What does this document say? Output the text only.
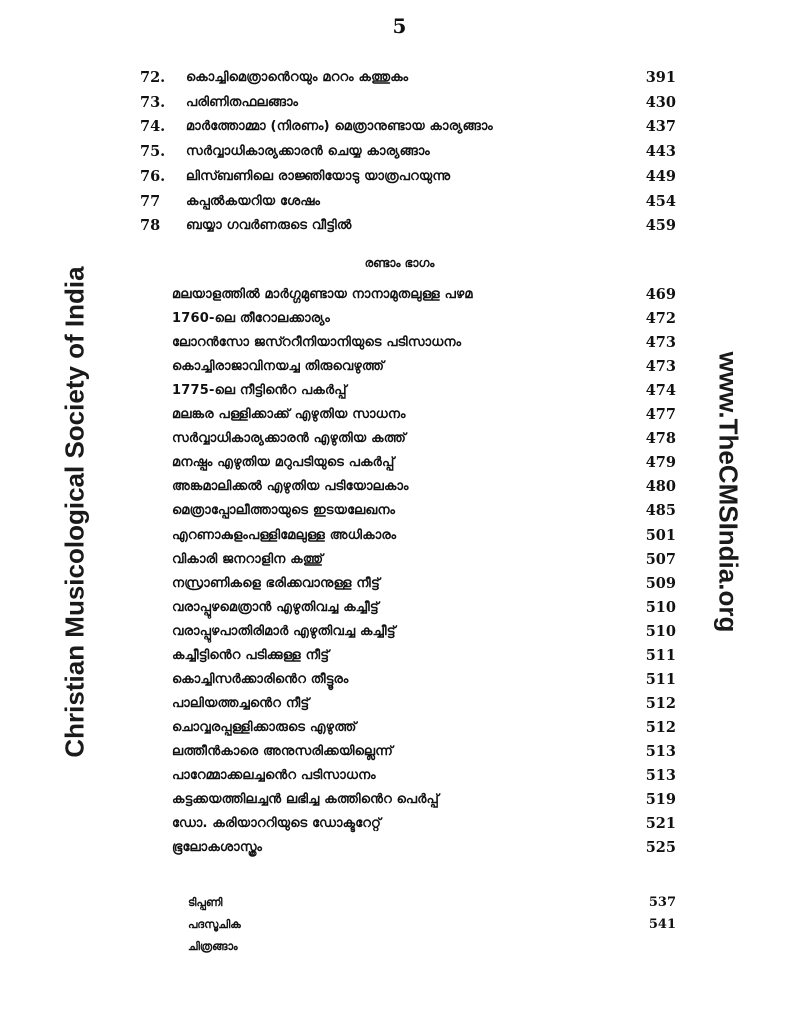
5
72. കൊച്ചിമെത്രാൻെറയും മററം കത്തുകം	391
73. പരിണിതഫലങ്ങാം	430
74. മാർത്തോമ്മാ (നിരണം) മെത്രാനുണ്ടായ കാര്യങ്ങാം	437
75. സർവ്വാധികാര്യക്കാരൻ ചെയ്യ കാര്യങ്ങാം	443
76. ലിസ്ബണിലെ രാജ്ഞിയോടു യാത്രപറയുന്നു	449
77 കപ്പൽകയറിയ ശേഷം	454
78 ബയ്യാ ഗവർണരുടെ വീട്ടിൽ	459
മലയാളത്തിൽ മാർഗ്ഗമുണ്ടായ നാനാമുതലുള്ള പഴമ	469
1760-ലെ തീറോലക്കാര്യം	472
ലോറൻസോ ജസ്ററീനിയാനിയുടെ പടിസാധനം	473
കൊച്ചിരാജാവിനയച്ച തിരുവെഴുത്ത്	473
1775-ലെ നീട്ടിൻെറ പകർപ്പ്	474
മലങ്കര പള്ളിക്കാക്ക് എഴുതിയ സാധനം	477
സർവ്വാധികാര്യക്കാരൻ എഴുതിയ കത്ത്	478
മനഷ്പം എഴുതിയ മറുപടിയുടെ പകർപ്പ്	479
അങ്കമാലിക്കൽ എഴുതിയ പടിയോലകാം	480
മെത്രാപ്പോലീത്തായുടെ ഇടയലേഖനം	485
എറണാകുളംപള്ളിമേലുള്ള അധികാരം	501
വികാരി ജനറാളിന കത്തു്	507
നസ്രാണികളെ ഭരിക്കവാനുള്ള നീട്ട്	509
വരാപ്പുഴമെത്രാൻ എഴുതിവച്ച കച്ചീട്ട്	510
വരാപ്പുഴപാതിരിമാർ എഴുതിവച്ച കച്ചീട്ട്	510
കച്ചീട്ടിൻെറ പടിക്കുള്ള നീട്ട്	511
കൊച്ചിസർക്കാരിൻെറ തീട്ടൂരം	511
പാലിയത്തച്ചൻെറ നീട്ട്	512
ചൊവ്വരപ്പള്ളിക്കാരുടെ എഴുത്ത്	512
ലത്തീൻകാരെ അനുസരിക്കയില്ലെന്ന്	513
പാറേമ്മാക്കലച്ചൻെറ പടിസാധനം	513
കട്ടക്കയത്തിലച്ചൻ ലഭിച്ച കത്തിൻെറ പെർപ്പ്	519
ഡോ. കരിയാററിയുടെ ഡോക്ടറേറ്റ്	521
ഭൂലോകശാസ്ത്രം	525
ടിപ്പണി	537
പദസൂചിക	541
ചിത്രങ്ങാം
രണ്ടാം ഭാഗം
Christian Musicological Society of India	www.TheCMSIndia.org
